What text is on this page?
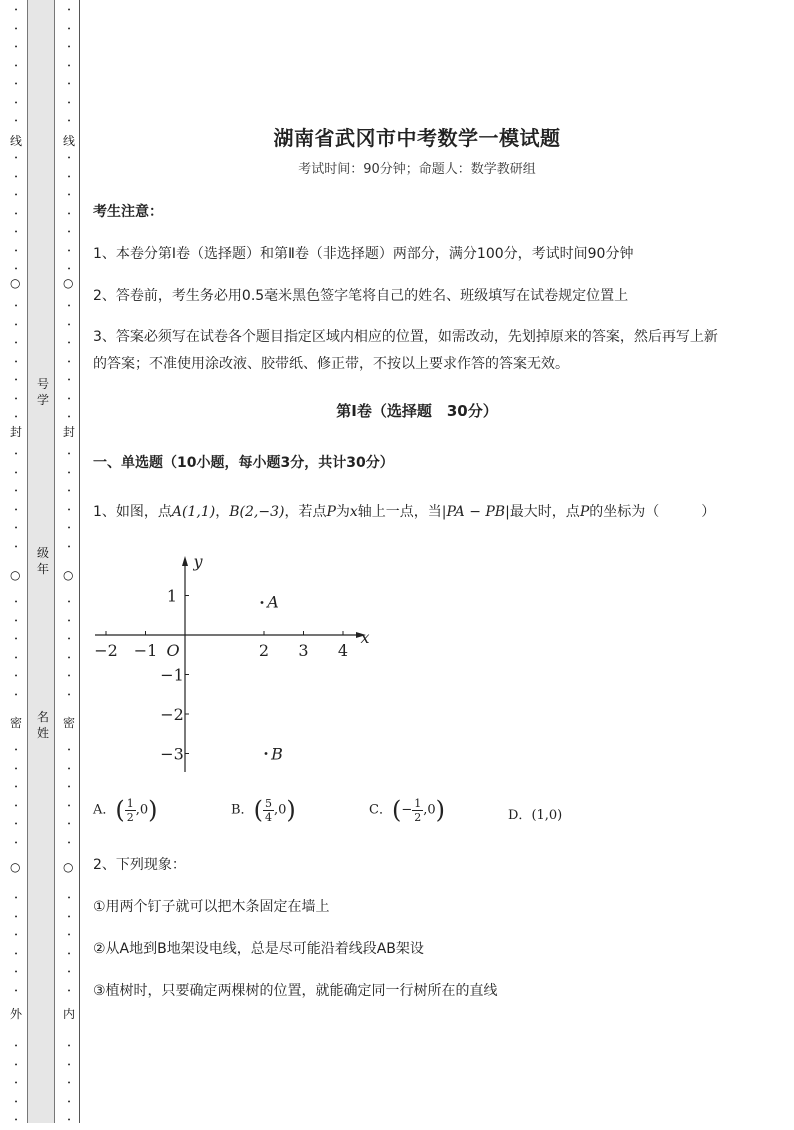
•
•
•
•
•
•
•
•
•
•
•
•
•
•
•
•
•
•
•
•
•
•
•
•
•
•
•
•
•
•
•
•
•
•
•
•
•
•
•
•
•
•
•
•
•
•
•
•
•
•
•
•
•
•
•
•
•
•
•
•
•
•
•
•
•
•
•
•
•
•
•
•
•
•
•
•
•
•
•
•
•
•
•
•
•
•
•
•
•
•
•
•
•
•
•
•
•
•
•
•
线
○
封
○
密
○
外
线
○
封
○
密
○
内
号
学
级
年
名
姓
湖南省武冈市中考数学一模试题
考试时间：90分钟；命题人：数学教研组
考生注意：
1、本卷分第I卷（选择题）和第Ⅱ卷（非选择题）两部分，满分100分，考试时间90分钟
2、答卷前，考生务必用0.5毫米黑色签字笔将自己的姓名、班级填写在试卷规定位置上
3、答案必须写在试卷各个题目指定区域内相应的位置，如需改动，先划掉原来的答案，然后再写上新
的答案；不准使用涂改液、胶带纸、修正带，不按以上要求作答的答案无效。
第I卷（选择题　30分）
一、单选题（10小题，每小题3分，共计30分）
1、如图，点A(1,1)，B(2,−3)，若点P为x轴上一点，当|PA − PB|最大时，点P的坐标为（　　　）
−2 −1	2 3 4
1
−1
−2
−3
O
x
y
A
B
A．( $\frac{1}{2} ,0$)	B．( $\frac{5}{4} ,0$)	C．(− $\frac{1}{2} ,0$)	D．(1,0)
2、下列现象：
①用两个钉子就可以把木条固定在墙上
②从A地到B地架设电线，总是尽可能沿着线段AB架设
③植树时，只要确定两棵树的位置，就能确定同一行树所在的直线
